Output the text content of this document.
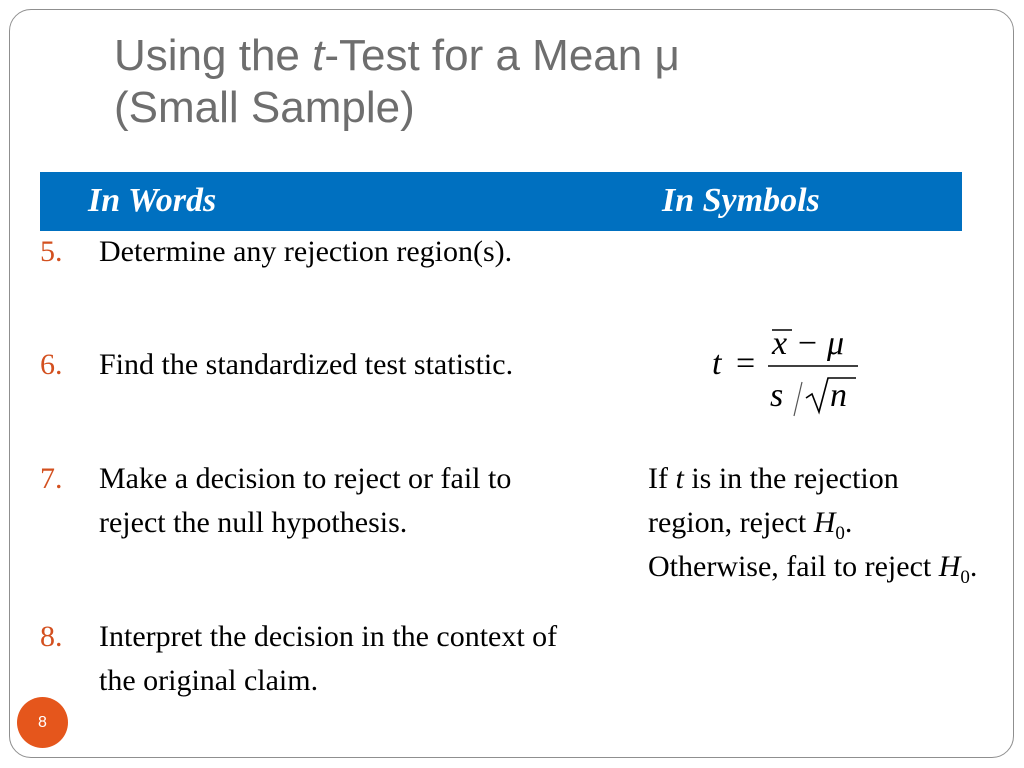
Using the t-Test for a Mean μ
(Small Sample)
In Words	In Symbols
5. Determine any rejection region(s).
6. Find the standardized test statistic.
7. Make a decision to reject or fail to reject the null hypothesis.
8. Interpret the decision in the context of the original claim.
t =
x − μ
s n
If t is in the rejection region, reject $H_0$. Otherwise, fail to reject $H_0$.
8
